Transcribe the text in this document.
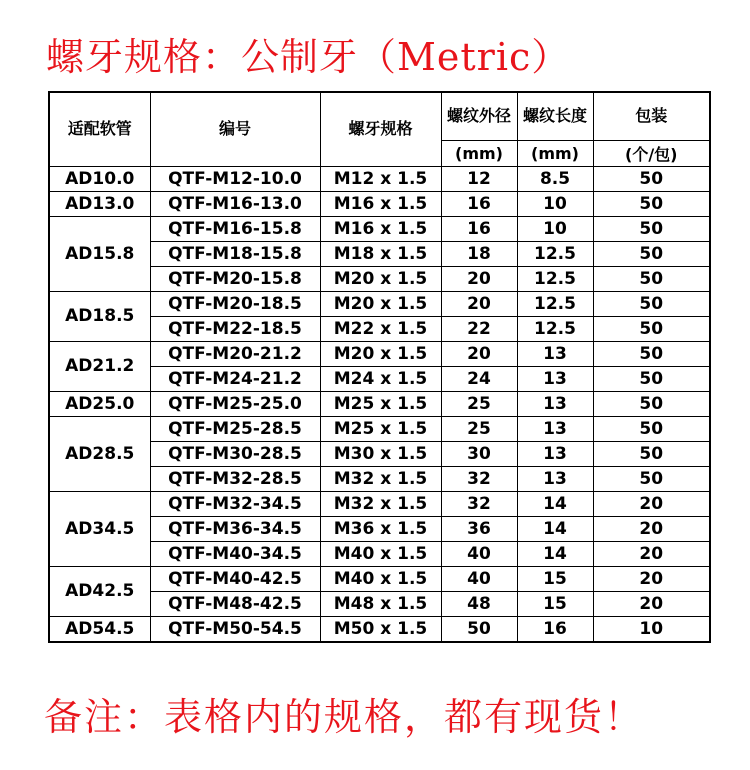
螺牙规格：公制牙（Metric）
适配软管	编号	螺牙规格	螺纹外径	螺纹长度	包装
			(mm)	(mm)	(个/包)
AD10.0	QTF-M12-10.0	M12 x 1.5	12	8.5	50
AD13.0	QTF-M16-13.0	M16 x 1.5	16	10	50
AD15.8	QTF-M16-15.8	M16 x 1.5	16	10	50
	QTF-M18-15.8	M18 x 1.5	18	12.5	50
	QTF-M20-15.8	M20 x 1.5	20	12.5	50
AD18.5	QTF-M20-18.5	M20 x 1.5	20	12.5	50
	QTF-M22-18.5	M22 x 1.5	22	12.5	50
AD21.2	QTF-M20-21.2	M20 x 1.5	20	13	50
	QTF-M24-21.2	M24 x 1.5	24	13	50
AD25.0	QTF-M25-25.0	M25 x 1.5	25	13	50
AD28.5	QTF-M25-28.5	M25 x 1.5	25	13	50
	QTF-M30-28.5	M30 x 1.5	30	13	50
	QTF-M32-28.5	M32 x 1.5	32	13	50
AD34.5	QTF-M32-34.5	M32 x 1.5	32	14	20
	QTF-M36-34.5	M36 x 1.5	36	14	20
	QTF-M40-34.5	M40 x 1.5	40	14	20
AD42.5	QTF-M40-42.5	M40 x 1.5	40	15	20
	QTF-M48-42.5	M48 x 1.5	48	15	20
AD54.5	QTF-M50-54.5	M50 x 1.5	50	16	10
备注：表格内的规格，都有现货！
